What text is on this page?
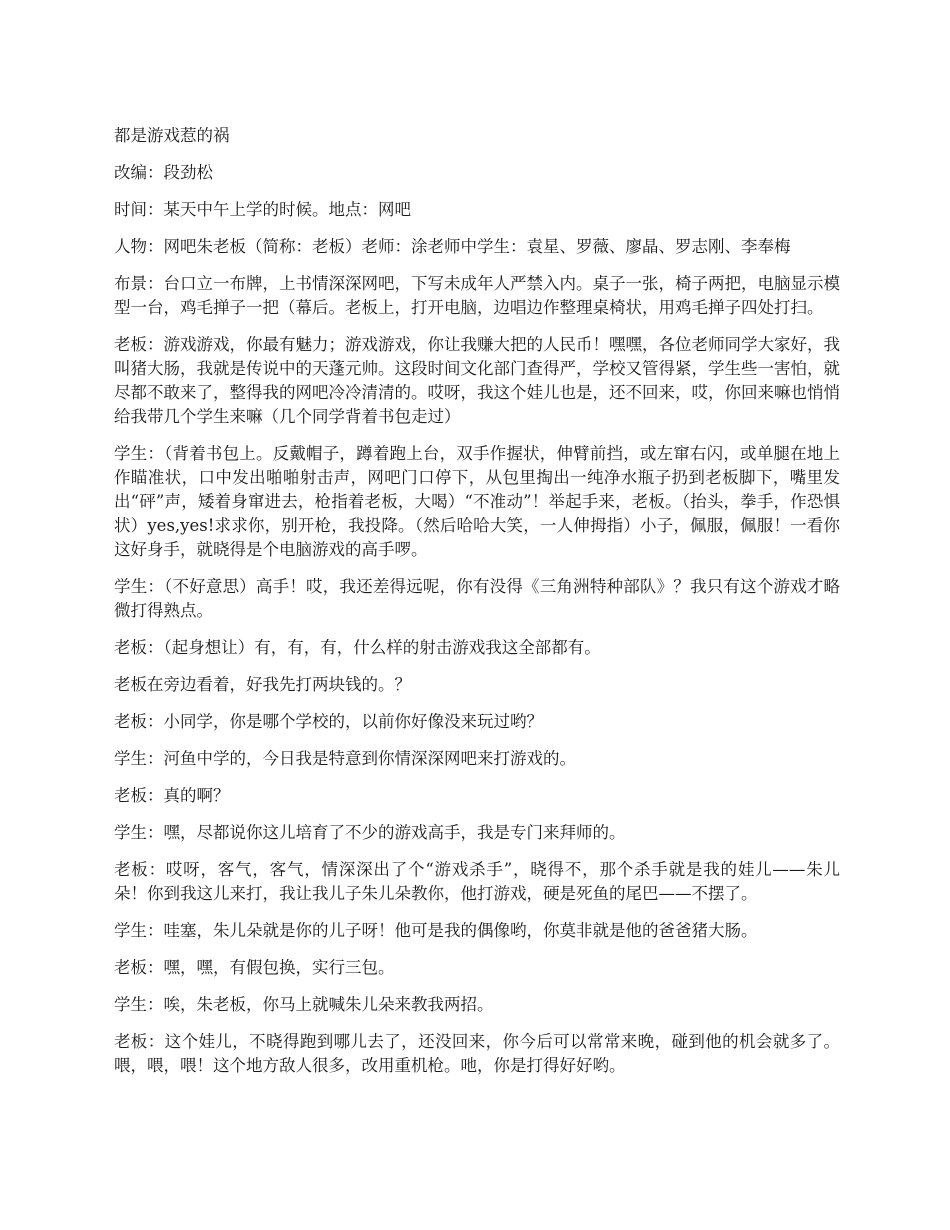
都是游戏惹的祸

改编：段劲松

时间：某天中午上学的时候。地点：网吧

人物：网吧朱老板（简称：老板）老师：涂老师中学生：袁星、罗薇、廖晶、罗志刚、李奉梅

布景：台口立一布牌，上书情深深网吧，下写未成年人严禁入内。桌子一张，椅子两把，电脑显示模型一台，鸡毛掸子一把（幕后。老板上，打开电脑，边唱边作整理桌椅状，用鸡毛掸子四处打扫。

老板：游戏游戏，你最有魅力；游戏游戏，你让我赚大把的人民币！嘿嘿，各位老师同学大家好，我叫猪大肠，我就是传说中的天蓬元帅。这段时间文化部门查得严，学校又管得紧，学生些一害怕，就尽都不敢来了，整得我的网吧冷冷清清的。哎呀，我这个娃儿也是，还不回来，哎，你回来嘛也悄悄给我带几个学生来嘛（几个同学背着书包走过）

学生：（背着书包上。反戴帽子，蹲着跑上台，双手作握状，伸臂前挡，或左窜右闪，或单腿在地上作瞄准状，口中发出啪啪射击声，网吧门口停下，从包里掏出一纯净水瓶子扔到老板脚下，嘴里发出“砰”声，矮着身窜进去，枪指着老板，大喝）“不准动”！举起手来，老板。（抬头，拳手，作恐惧状）yes,yes!求求你，别开枪，我投降。（然后哈哈大笑，一人伸拇指）小子，佩服，佩服！一看你这好身手，就晓得是个电脑游戏的高手啰。

学生：（不好意思）高手！哎，我还差得远呢，你有没得《三角洲特种部队》？我只有这个游戏才略微打得熟点。

老板：（起身想让）有，有，有，什么样的射击游戏我这全部都有。

老板在旁边看着，好我先打两块钱的。？

老板：小同学，你是哪个学校的，以前你好像没来玩过哟？

学生：河鱼中学的，今日我是特意到你情深深网吧来打游戏的。

老板：真的啊？

学生：嘿，尽都说你这儿培育了不少的游戏高手，我是专门来拜师的。

老板：哎呀，客气，客气，情深深出了个“游戏杀手”，晓得不，那个杀手就是我的娃儿——朱儿朵！你到我这儿来打，我让我儿子朱儿朵教你，他打游戏，硬是死鱼的尾巴——不摆了。

学生：哇塞，朱儿朵就是你的儿子呀！他可是我的偶像哟，你莫非就是他的爸爸猪大肠。

老板：嘿，嘿，有假包换，实行三包。

学生：唉，朱老板，你马上就喊朱儿朵来教我两招。

老板：这个娃儿，不晓得跑到哪儿去了，还没回来，你今后可以常常来晚，碰到他的机会就多了。喂，喂，喂！这个地方敌人很多，改用重机枪。吔，你是打得好好哟。
